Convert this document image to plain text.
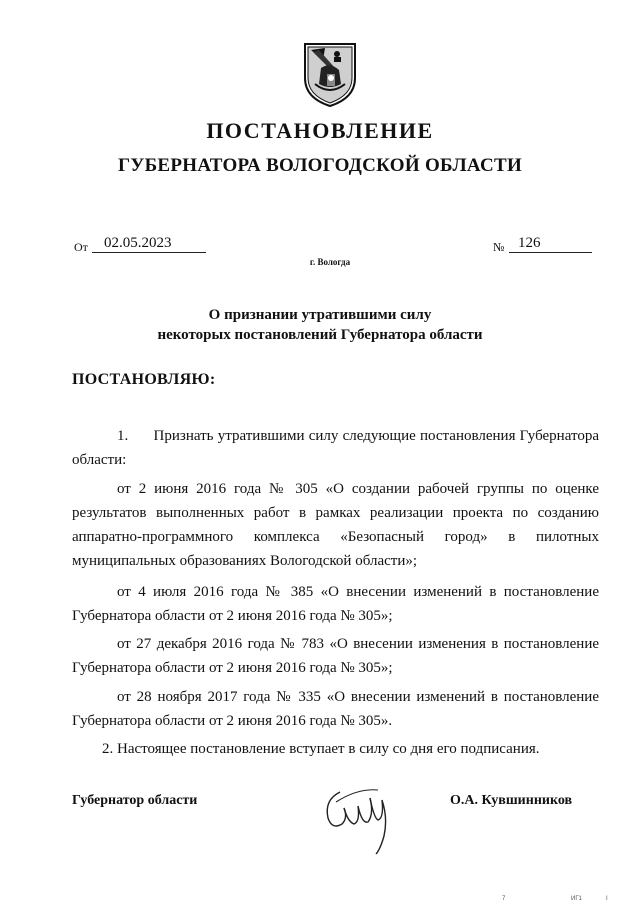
ПОСТАНОВЛЕНИЕ
ГУБЕРНАТОРА ВОЛОГОДСКОЙ ОБЛАСТИ
От 02.05.2023	№ 126
г. Вологда
О признании утратившими силу
некоторых постановлений Губернатора области
ПОСТАНОВЛЯЮ:
1.      Признать утратившими силу следующие постановления Губернатора области:
от 2 июня 2016 года № 305 «О создании рабочей группы по оценке результатов выполненных работ в рамках реализации проекта по созданию аппаратно-программного комплекса «Безопасный город» в пилотных муниципальных образованиях Вологодской области»;
от 4 июля 2016 года № 385 «О внесении изменений в постановление Губернатора области от 2 июня 2016 года № 305»;
от 27 декабря 2016 года № 783 «О внесении изменения в постановление Губернатора области от 2 июня 2016 года № 305»;
от 28 ноября 2017 года № 335 «О внесении изменений в постановление Губернатора области от 2 июня 2016 года № 305».
2. Настоящее постановление вступает в силу со дня его подписания.
Губернатор области	О.А. Кувшинников
7	ИГ1	I
